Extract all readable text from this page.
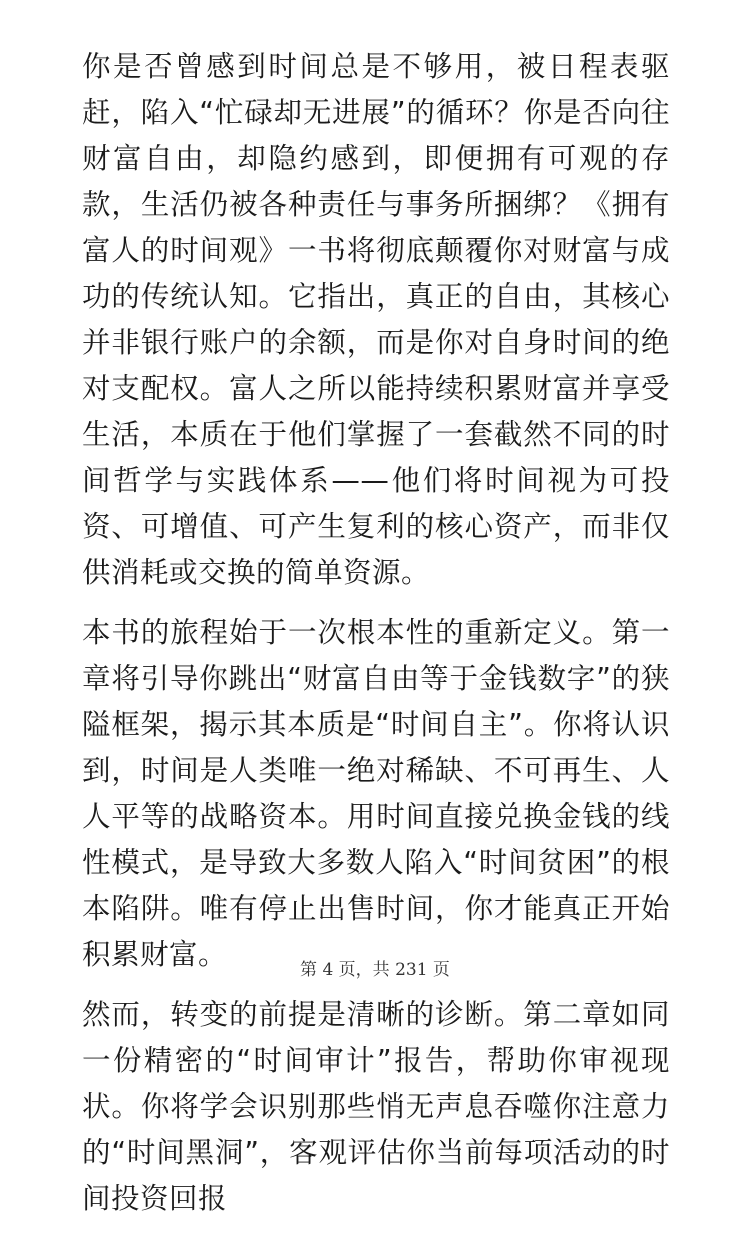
你是否曾感到时间总是不够用，被日程表驱赶，陷入“忙碌却无进展”的循环？你是否向往财富自由，却隐约感到，即便拥有可观的存款，生活仍被各种责任与事务所捆绑？《拥有富人的时间观》一书将彻底颠覆你对财富与成功的传统认知。它指出，真正的自由，其核心并非银行账户的余额，而是你对自身时间的绝对支配权。富人之所以能持续积累财富并享受生活，本质在于他们掌握了一套截然不同的时间哲学与实践体系——他们将时间视为可投资、可增值、可产生复利的核心资产，而非仅供消耗或交换的简单资源。

本书的旅程始于一次根本性的重新定义。第一章将引导你跳出“财富自由等于金钱数字”的狭隘框架，揭示其本质是“时间自主”。你将认识到，时间是人类唯一绝对稀缺、不可再生、人人平等的战略资本。用时间直接兑换金钱的线性模式，是导致大多数人陷入“时间贫困”的根本陷阱。唯有停止出售时间，你才能真正开始积累财富。

然而，转变的前提是清晰的诊断。第二章如同一份精密的“时间审计”报告，帮助你审视现状。你将学会识别那些悄无声息吞噬你注意力的“时间黑洞”，客观评估你当前每项活动的时间投资回报

第 4 页，共 231 页
